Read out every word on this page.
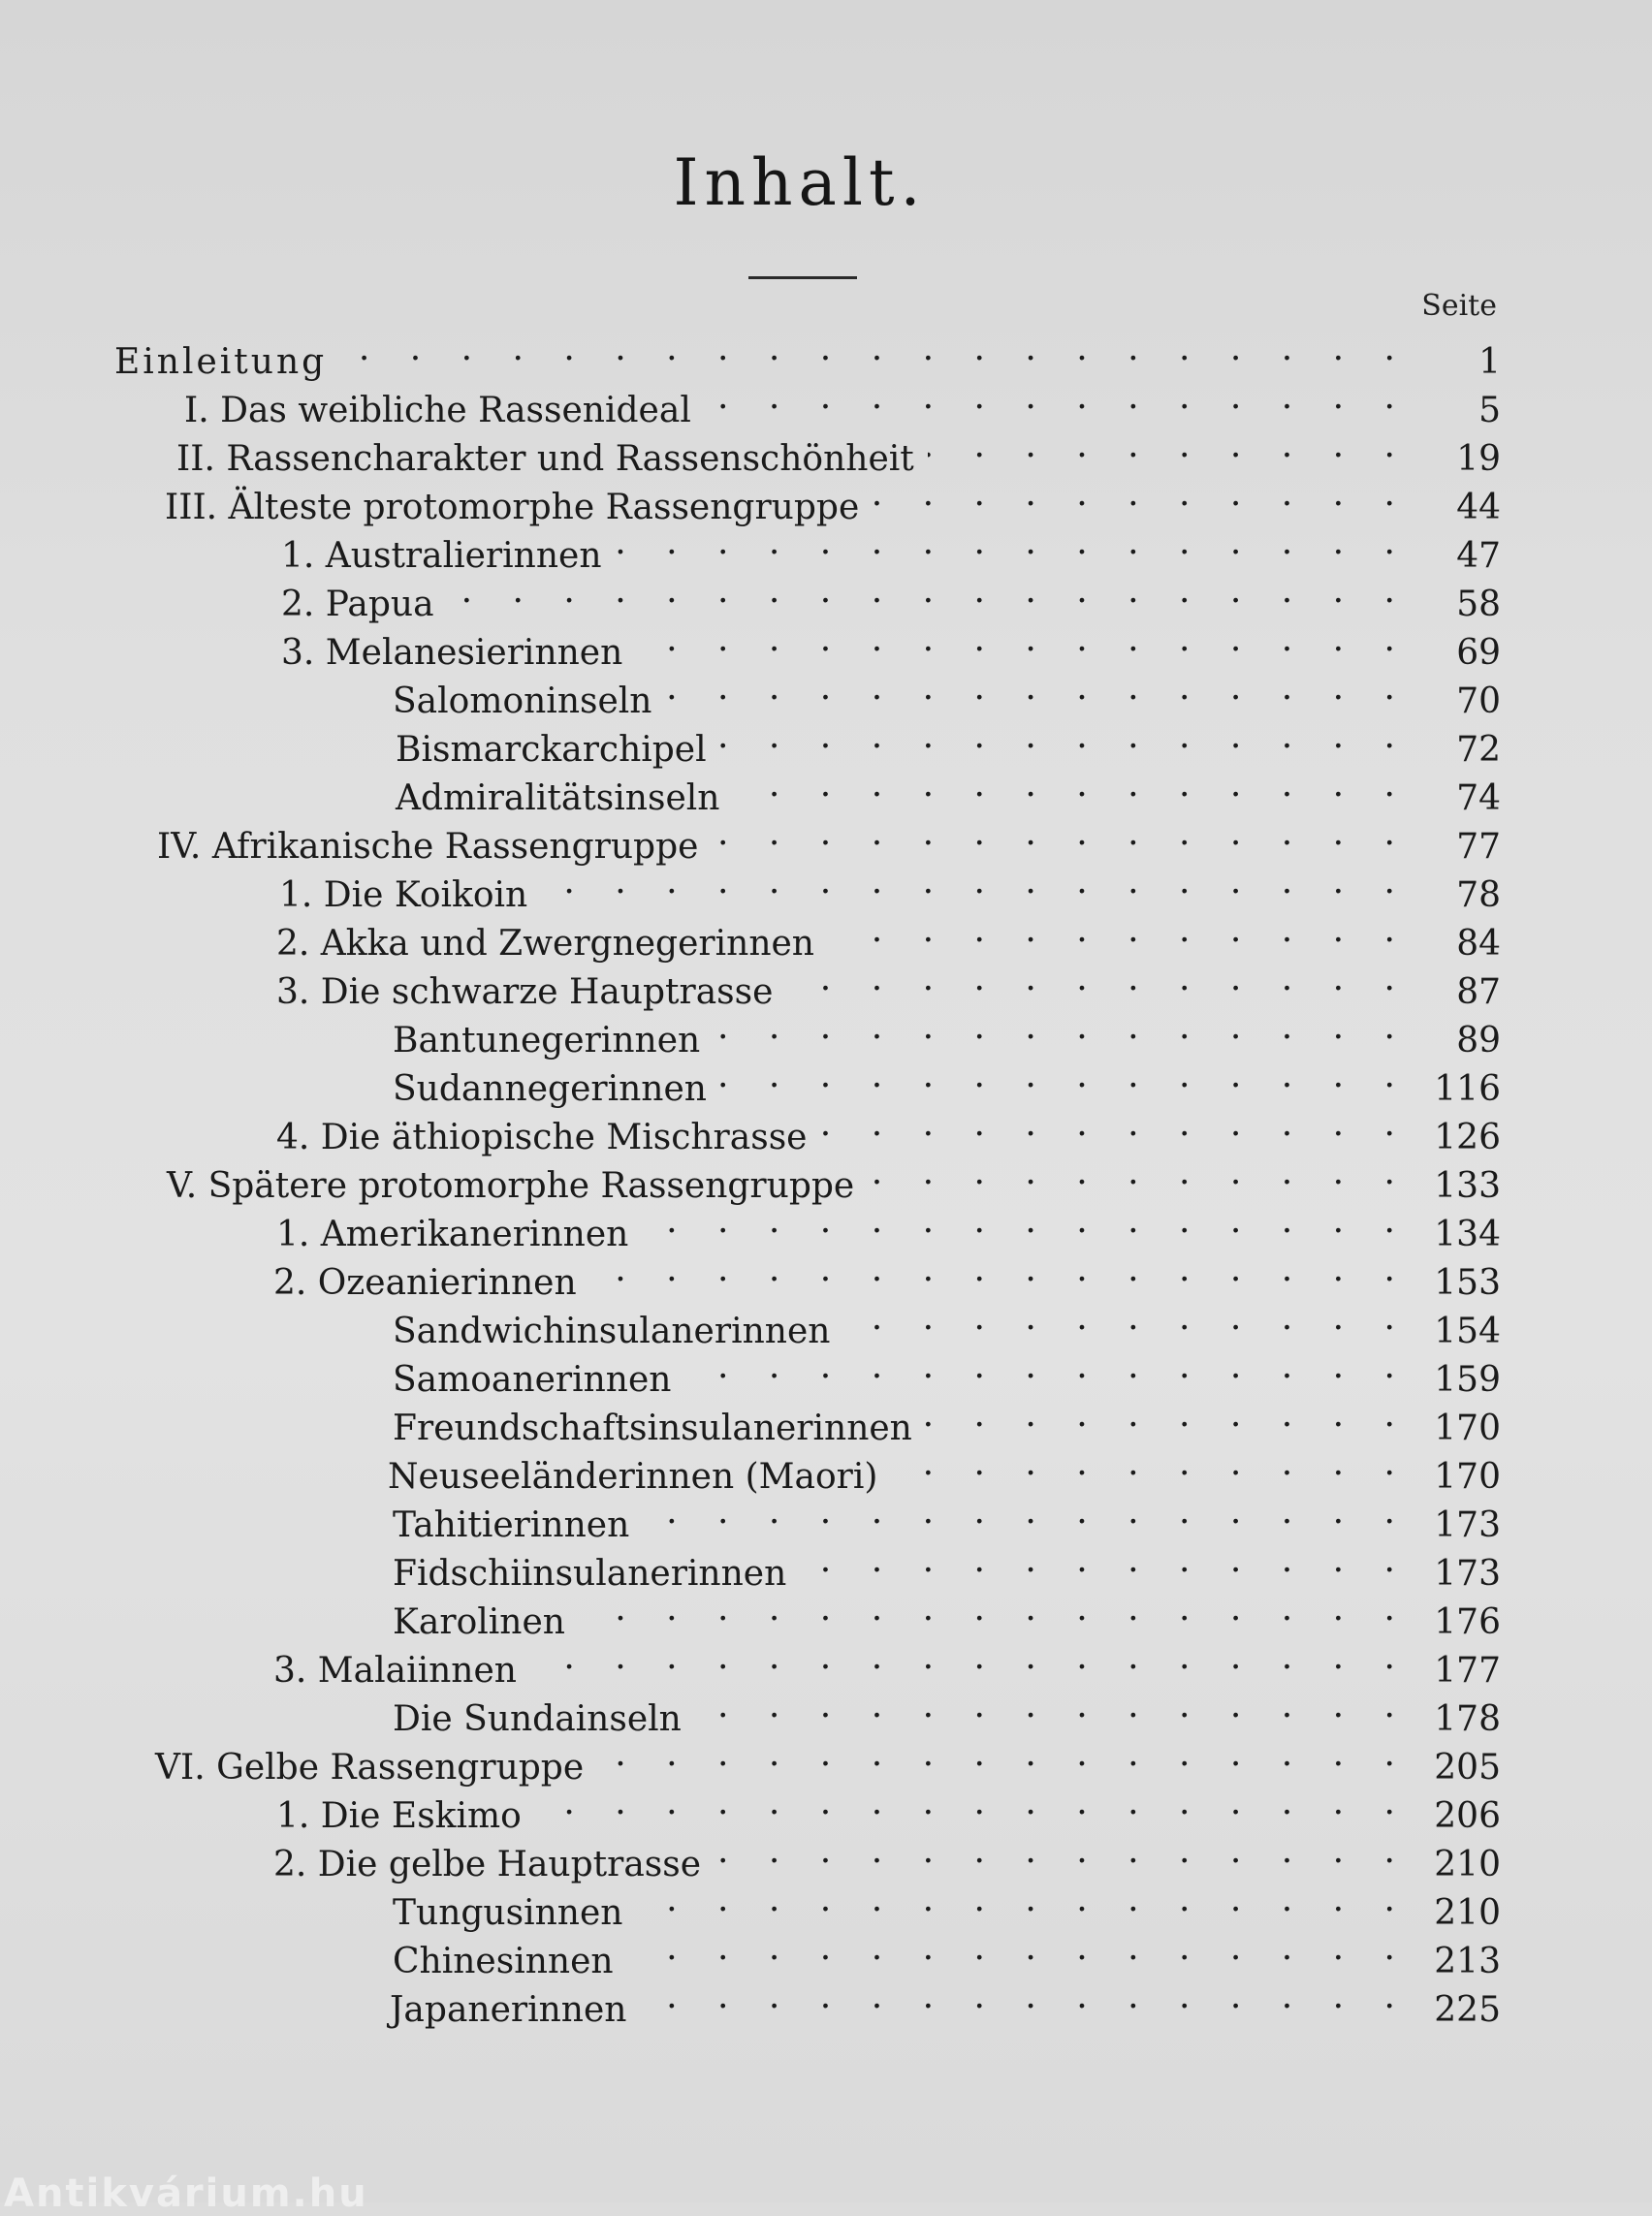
Inhalt.
Seite
Einleitung . . .	1
I. Das weibliche Rassenideal . . .	5
II. Rassencharakter und Rassenschönheit . . .	19
III. Älteste protomorphe Rassengruppe . . .	44
1. Australierinnen . . .	47
2. Papua . . .	58
3. Melanesierinnen . . .	69
Salomoninseln . . .	70
Bismarckarchipel . . .	72
Admiralitätsinseln . . .	74
IV. Afrikanische Rassengruppe . . .	77
1. Die Koikoin . . .	78
2. Akka und Zwergnegerinnen . . .	84
3. Die schwarze Hauptrasse . . .	87
Bantunegerinnen . . .	89
Sudannegerinnen . . .	116
4. Die äthiopische Mischrasse . . .	126
V. Spätere protomorphe Rassengruppe . . .	133
1. Amerikanerinnen . . .	134
2. Ozeanierinnen . . .	153
Sandwichinsulanerinnen . . .	154
Samoanerinnen . . .	159
Freundschaftsinsulanerinnen . . .	170
Neuseeländerinnen (Maori) . . .	170
Tahitierinnen . . .	173
Fidschiinsulanerinnen . . .	173
Karolinen . . .	176
3. Malaiinnen . . .	177
Die Sundainseln . . .	178
VI. Gelbe Rassengruppe . . .	205
1. Die Eskimo . . .	206
2. Die gelbe Hauptrasse . . .	210
Tungusinnen . . .	210
Chinesinnen . . .	213
Japanerinnen . . .	225
Antikvárium.hu
